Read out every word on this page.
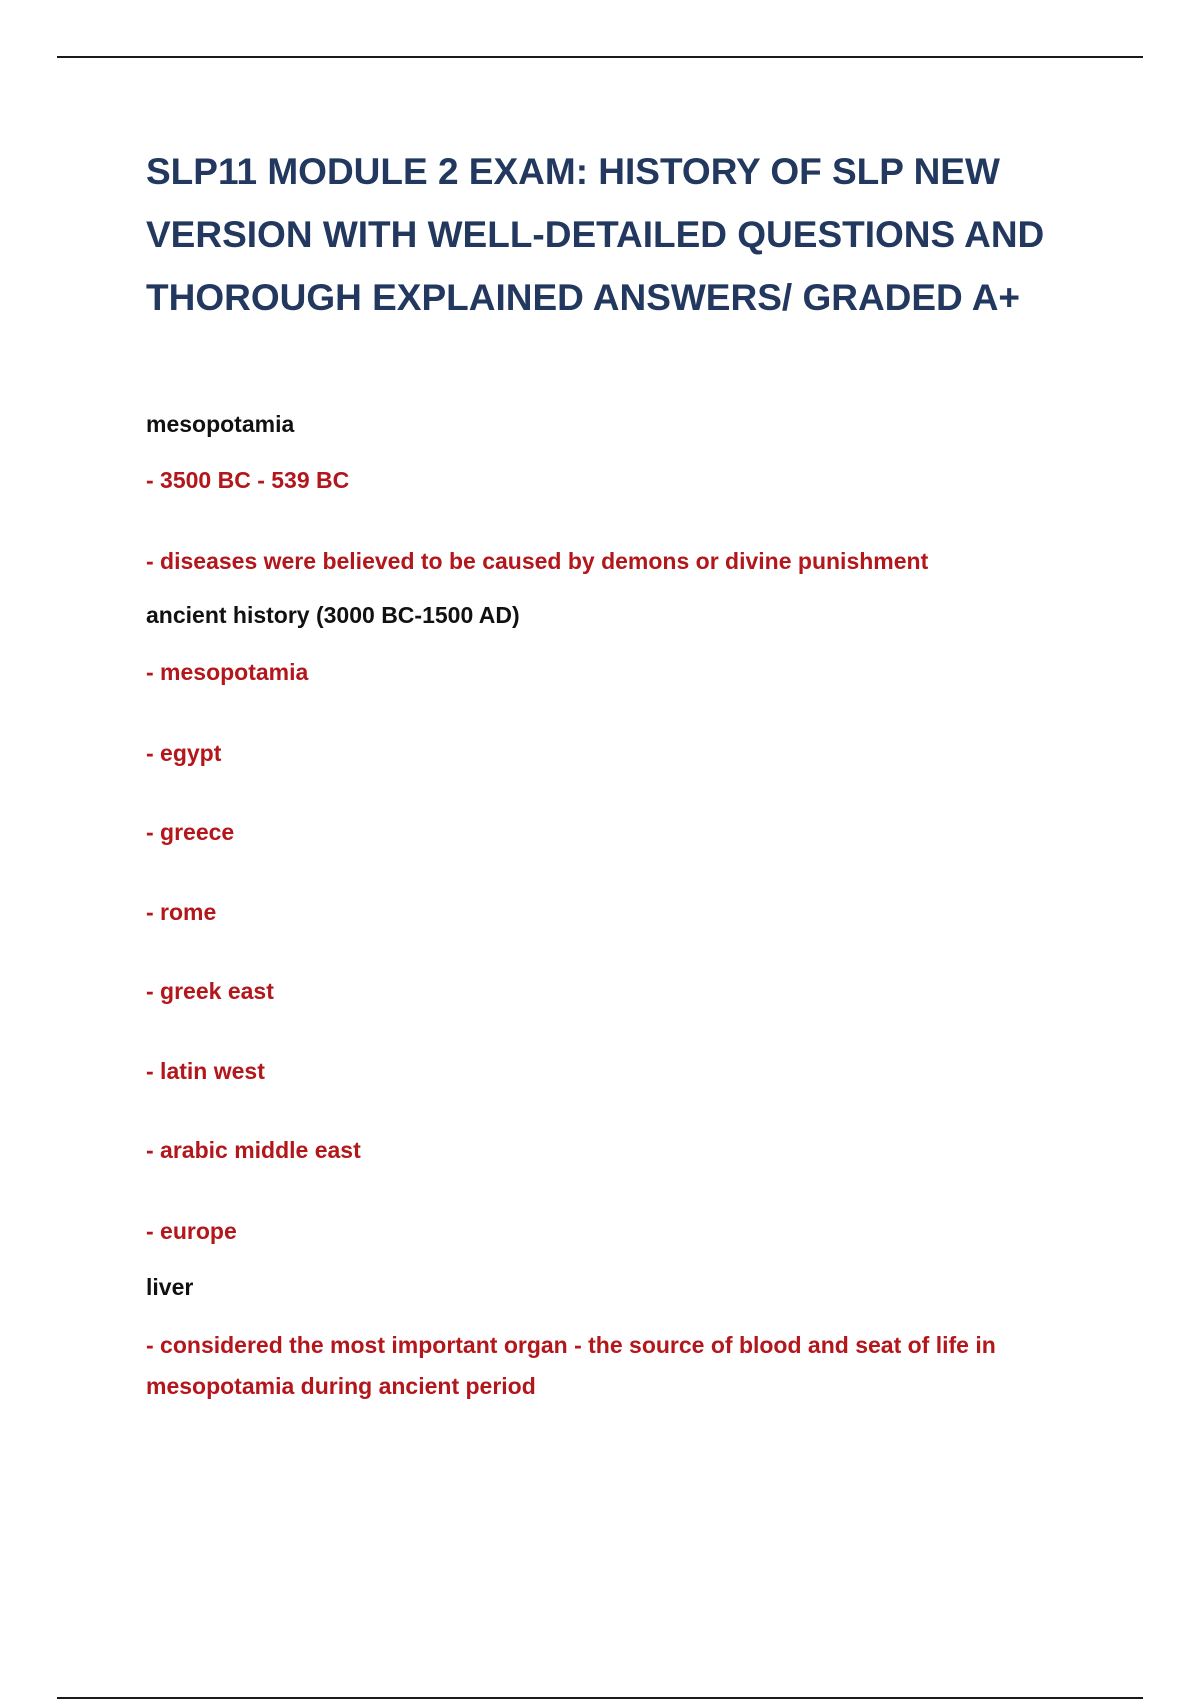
SLP11 MODULE 2 EXAM: HISTORY OF SLP NEW
VERSION WITH WELL-DETAILED QUESTIONS AND
THOROUGH EXPLAINED ANSWERS/ GRADED A+

mesopotamia

- 3500 BC - 539 BC

- diseases were believed to be caused by demons or divine punishment

ancient history (3000 BC-1500 AD)

- mesopotamia

- egypt

- greece

- rome

- greek east

- latin west

- arabic middle east

- europe

liver

- considered the most important organ - the source of blood and seat of life in mesopotamia during ancient period
